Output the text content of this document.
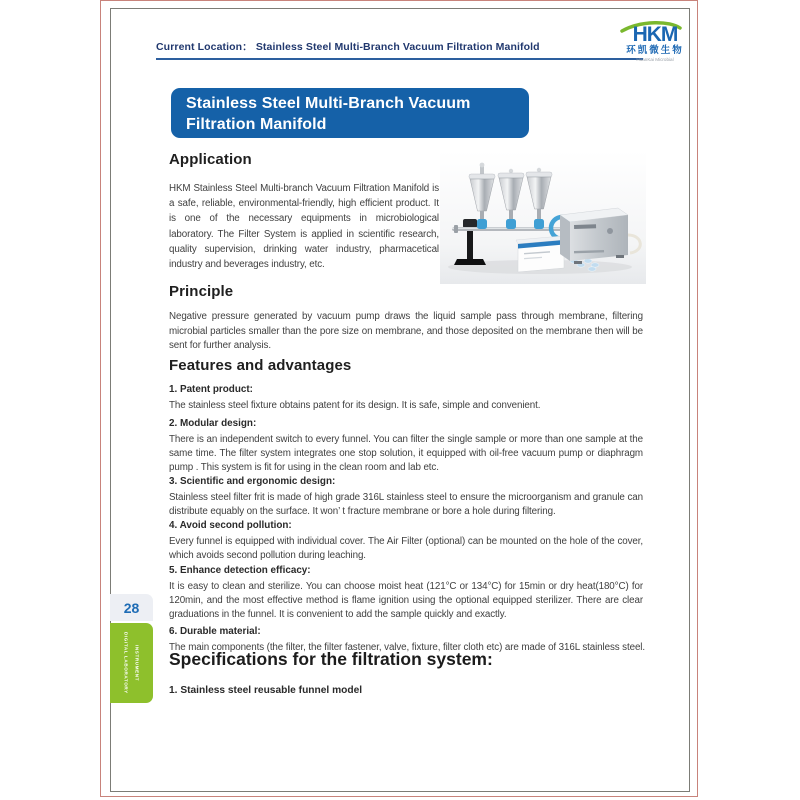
Current Location： Stainless Steel Multi-Branch Vacuum Filtration Manifold
HKM
环凯微生物
HuanKai Microbial
Stainless Steel Multi-Branch Vacuum
Filtration Manifold
Application
HKM Stainless Steel Multi-branch Vacuum Filtration Manifold is a safe, reliable, environmental-friendly, high efficient product. It is one of the necessary equipments in microbiological laboratory. The Filter System is applied in scientific research, quality supervision, drinking water industry, pharmacetical industry and beverages industry, etc.
Principle
Negative pressure generated by vacuum pump draws the liquid sample pass through membrane, filtering microbial particles smaller than the pore size on membrane, and those deposited on the membrane then will be sent for further analysis.
Features and advantages
1. Patent product:
The stainless steel fixture obtains patent for its design. It is safe, simple and convenient.
2. Modular design:
There is an independent switch to every funnel. You can filter the single sample or more than one sample at the same time. The filter system integrates one stop solution, it equipped with oil-free vacuum pump or diaphragm pump . This system is fit for using in the clean room and lab etc.
3. Scientific and ergonomic design:
Stainless steel filter frit is made of high grade 316L stainless steel to ensure the microorganism and granule can distribute equably on the surface. It won’ t fracture membrane or bore a hole during filtering.
4. Avoid second pollution:
Every funnel is equipped with individual cover. The Air Filter (optional) can be mounted on the hole of the cover, which avoids second pollution during leaching.
5. Enhance detection efficacy:
It is easy to clean and sterilize. You can choose moist heat (121°C or 134°C) for 15min or dry heat(180°C) for 120min, and the most effective method is flame ignition using the optional equipped sterilizer. There are clear graduations in the funnel. It is convenient to add the sample quickly and exactly.
6. Durable material:
The main components (the filter, the filter fastener, valve, fixture, filter cloth etc) are made of 316L stainless steel.
Specifications for the filtration system:
1. Stainless steel reusable funnel model
28
DIGITAL LABORATORY	INSTRUMENT
